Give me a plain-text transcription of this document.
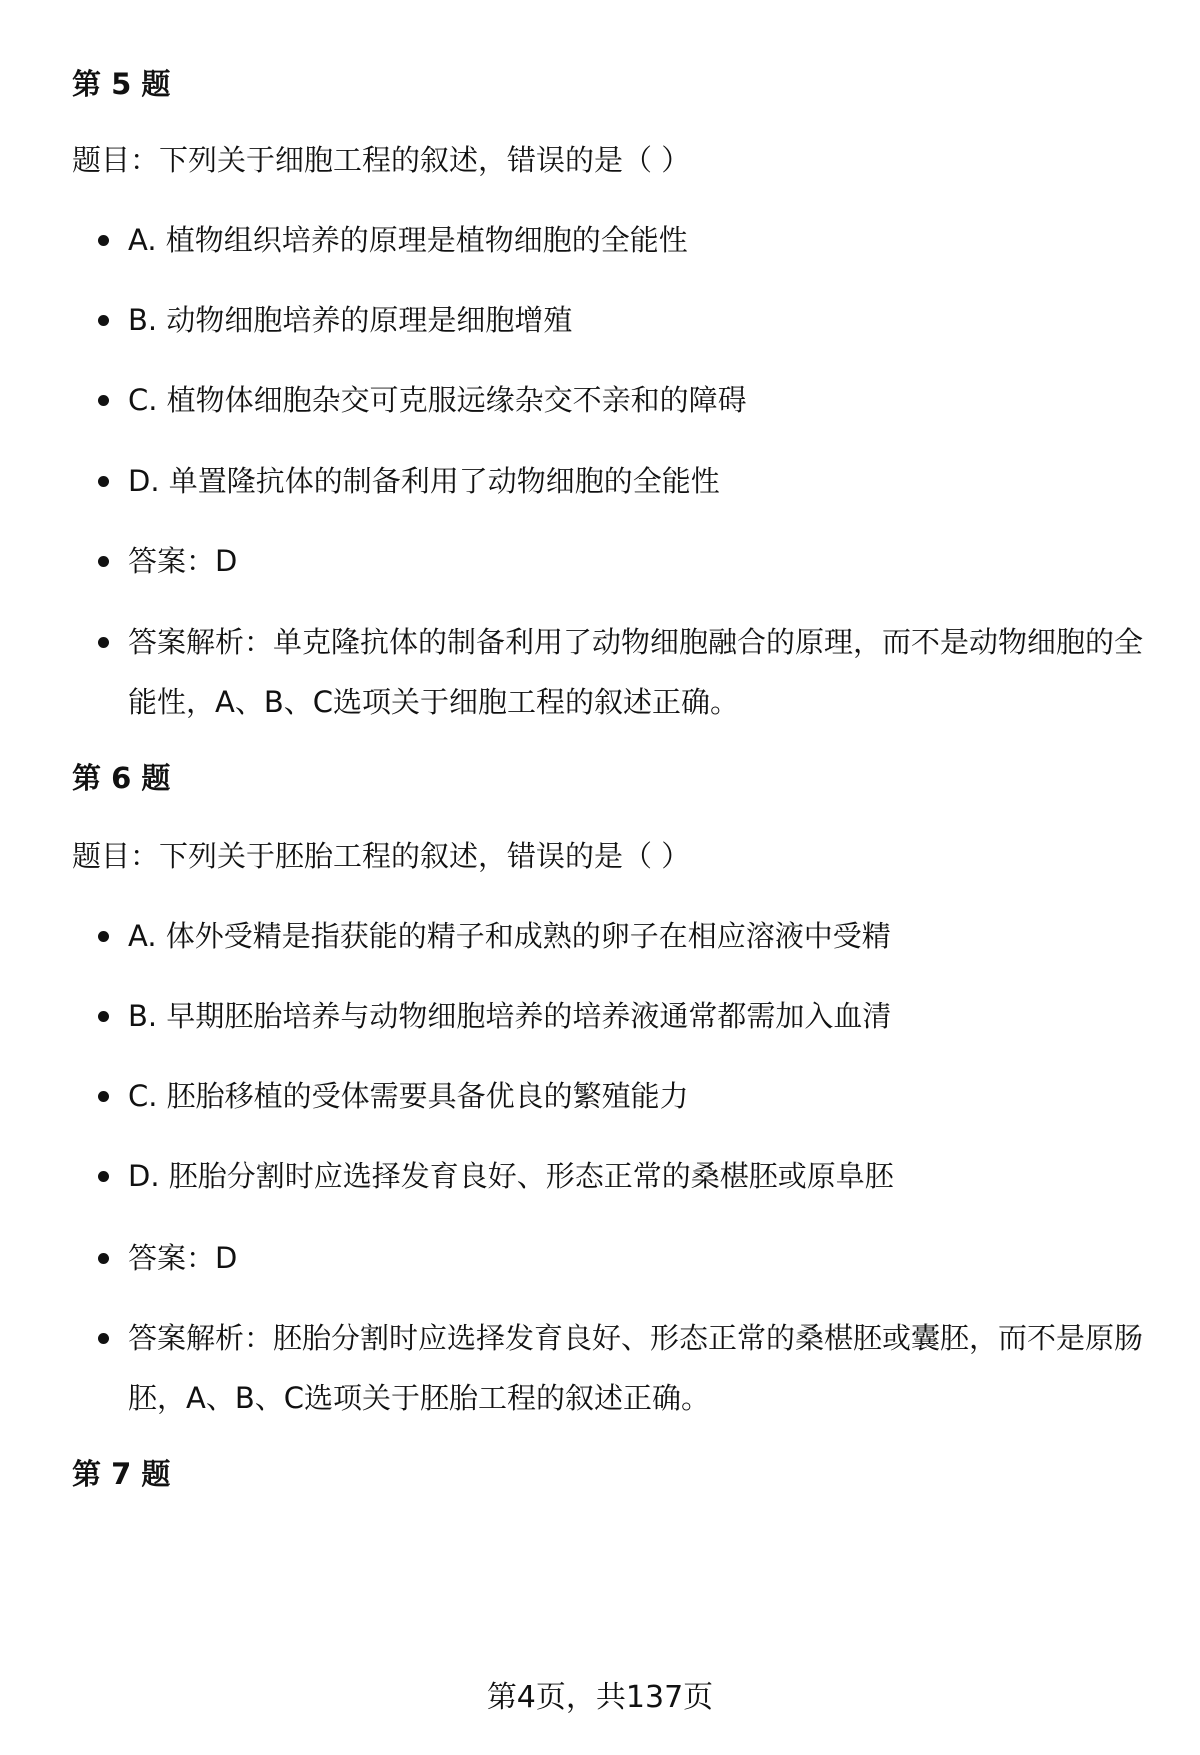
第 5 题

题目：下列关于细胞工程的叙述，错误的是（ ）

A. 植物组织培养的原理是植物细胞的全能性
B. 动物细胞培养的原理是细胞增殖
C. 植物体细胞杂交可克服远缘杂交不亲和的障碍
D. 单置隆抗体的制备利用了动物细胞的全能性
答案：D
答案解析：单克隆抗体的制备利用了动物细胞融合的原理，而不是动物细胞的全能性，A、B、C选项关于细胞工程的叙述正确。
第 6 题

题目：下列关于胚胎工程的叙述，错误的是（ ）

A. 体外受精是指获能的精子和成熟的卵子在相应溶液中受精
B. 早期胚胎培养与动物细胞培养的培养液通常都需加入血清
C. 胚胎移植的受体需要具备优良的繁殖能力
D. 胚胎分割时应选择发育良好、形态正常的桑椹胚或原阜胚
答案：D
答案解析：胚胎分割时应选择发育良好、形态正常的桑椹胚或囊胚，而不是原肠胚，A、B、C选项关于胚胎工程的叙述正确。
第 7 题

第4页，共137页
